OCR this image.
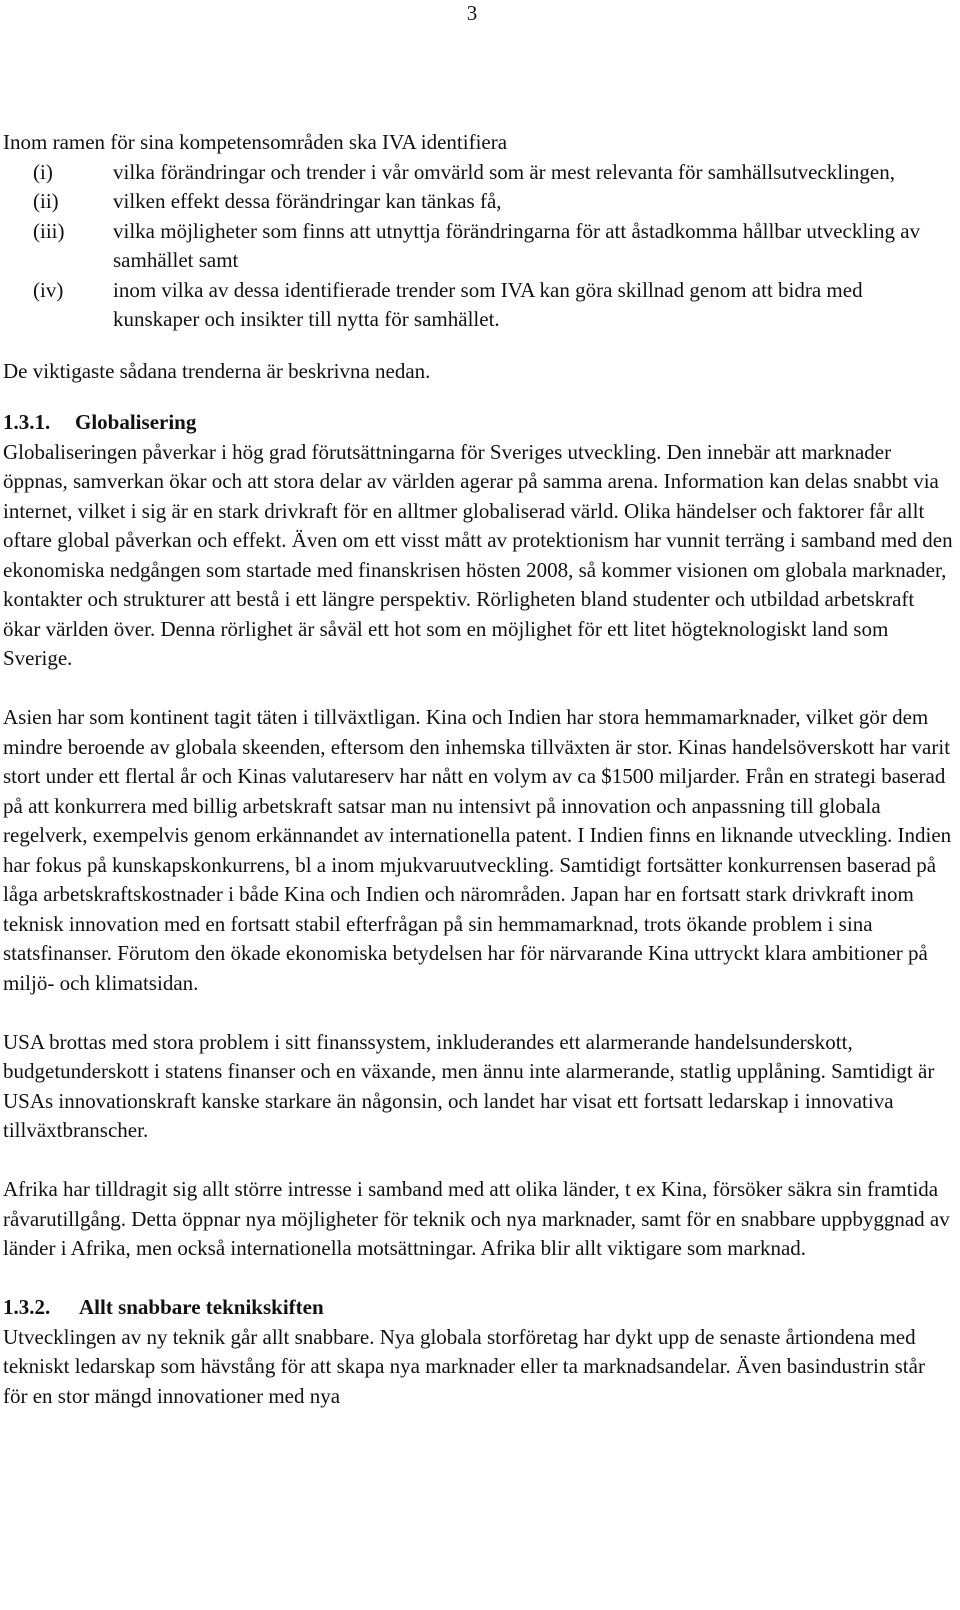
3

Inom ramen för sina kompetensområden ska IVA identifiera

(i)	vilka förändringar och trender i vår omvärld som är mest relevanta för samhällsutvecklingen,
(ii)	vilken effekt dessa förändringar kan tänkas få,
(iii)	vilka möjligheter som finns att utnyttja förändringarna för att åstadkomma hållbar utveckling av samhället samt
(iv)	inom vilka av dessa identifierade trender som IVA kan göra skillnad genom att bidra med kunskaper och insikter till nytta för samhället.

De viktigaste sådana trenderna är beskrivna nedan.

1.3.1. Globalisering

Globaliseringen påverkar i hög grad förutsättningarna för Sveriges utveckling. Den innebär att marknader öppnas, samverkan ökar och att stora delar av världen agerar på samma arena. Information kan delas snabbt via internet, vilket i sig är en stark drivkraft för en alltmer globaliserad värld. Olika händelser och faktorer får allt oftare global påverkan och effekt. Även om ett visst mått av protektionism har vunnit terräng i samband med den ekonomiska nedgången som startade med finanskrisen hösten 2008, så kommer visionen om globala marknader, kontakter och strukturer att bestå i ett längre perspektiv. Rörligheten bland studenter och utbildad arbetskraft ökar världen över. Denna rörlighet är såväl ett hot som en möjlighet för ett litet högteknologiskt land som Sverige.

Asien har som kontinent tagit täten i tillväxtligan. Kina och Indien har stora hemmamarknader, vilket gör dem mindre beroende av globala skeenden, eftersom den inhemska tillväxten är stor. Kinas handelsöverskott har varit stort under ett flertal år och Kinas valutareserv har nått en volym av ca $1500 miljarder. Från en strategi baserad på att konkurrera med billig arbetskraft satsar man nu intensivt på innovation och anpassning till globala regelverk, exempelvis genom erkännandet av internationella patent. I Indien finns en liknande utveckling. Indien har fokus på kunskapskonkurrens, bl a inom mjukvaruutveckling. Samtidigt fortsätter konkurrensen baserad på låga arbetskraftskostnader i både Kina och Indien och närområden. Japan har en fortsatt stark drivkraft inom teknisk innovation med en fortsatt stabil efterfrågan på sin hemmamarknad, trots ökande problem i sina statsfinanser. Förutom den ökade ekonomiska betydelsen har för närvarande Kina uttryckt klara ambitioner på miljö- och klimatsidan.

USA brottas med stora problem i sitt finanssystem, inkluderandes ett alarmerande handelsunderskott, budgetunderskott i statens finanser och en växande, men ännu inte alarmerande, statlig upplåning. Samtidigt är USAs innovationskraft kanske starkare än någonsin, och landet har visat ett fortsatt ledarskap i innovativa tillväxtbranscher.

Afrika har tilldragit sig allt större intresse i samband med att olika länder, t ex Kina, försöker säkra sin framtida råvarutillgång. Detta öppnar nya möjligheter för teknik och nya marknader, samt för en snabbare uppbyggnad av länder i Afrika, men också internationella motsättningar. Afrika blir allt viktigare som marknad.

1.3.2. Allt snabbare teknikskiften

Utvecklingen av ny teknik går allt snabbare. Nya globala storföretag har dykt upp de senaste årtiondena med tekniskt ledarskap som hävstång för att skapa nya marknader eller ta marknadsandelar. Även basindustrin står för en stor mängd innovationer med nya
